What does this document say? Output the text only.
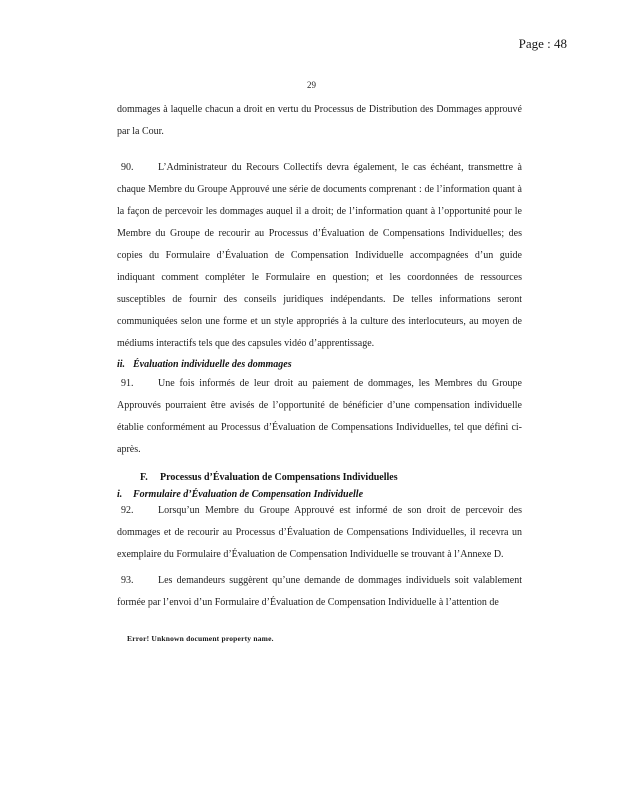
Page : 48
29

dommages à laquelle chacun a droit en vertu du Processus de Distribution des Dommages approuvé par la Cour.

90. L’Administrateur du Recours Collectifs devra également, le cas échéant, transmettre à chaque Membre du Groupe Approuvé une série de documents comprenant : de l’information quant à la façon de percevoir les dommages auquel il a droit; de l’information quant à l’opportunité pour le Membre du Groupe de recourir au Processus d’Évaluation de Compensations Individuelles; des copies du Formulaire d’Évaluation de Compensation Individuelle accompagnées d’un guide indiquant comment compléter le Formulaire en question; et les coordonnées de ressources susceptibles de fournir des conseils juridiques indépendants. De telles informations seront communiquées selon une forme et un style appropriés à la culture des interlocuteurs, au moyen de médiums interactifs tels que des capsules vidéo d’apprentissage.

ii. Évaluation individuelle des dommages

91. Une fois informés de leur droit au paiement de dommages, les Membres du Groupe Approuvés pourraient être avisés de l’opportunité de bénéficier d’une compensation individuelle établie conformément au Processus d’Évaluation de Compensations Individuelles, tel que défini ci-après.

F. Processus d’Évaluation de Compensations Individuelles

i. Formulaire d’Évaluation de Compensation Individuelle

92. Lorsqu’un Membre du Groupe Approuvé est informé de son droit de percevoir des dommages et de recourir au Processus d’Évaluation de Compensations Individuelles, il recevra un exemplaire du Formulaire d’Évaluation de Compensation Individuelle se trouvant à l’Annexe D.

93. Les demandeurs suggèrent qu’une demande de dommages individuels soit valablement formée par l’envoi d’un Formulaire d’Évaluation de Compensation Individuelle à l’attention de

Error! Unknown document property name.
